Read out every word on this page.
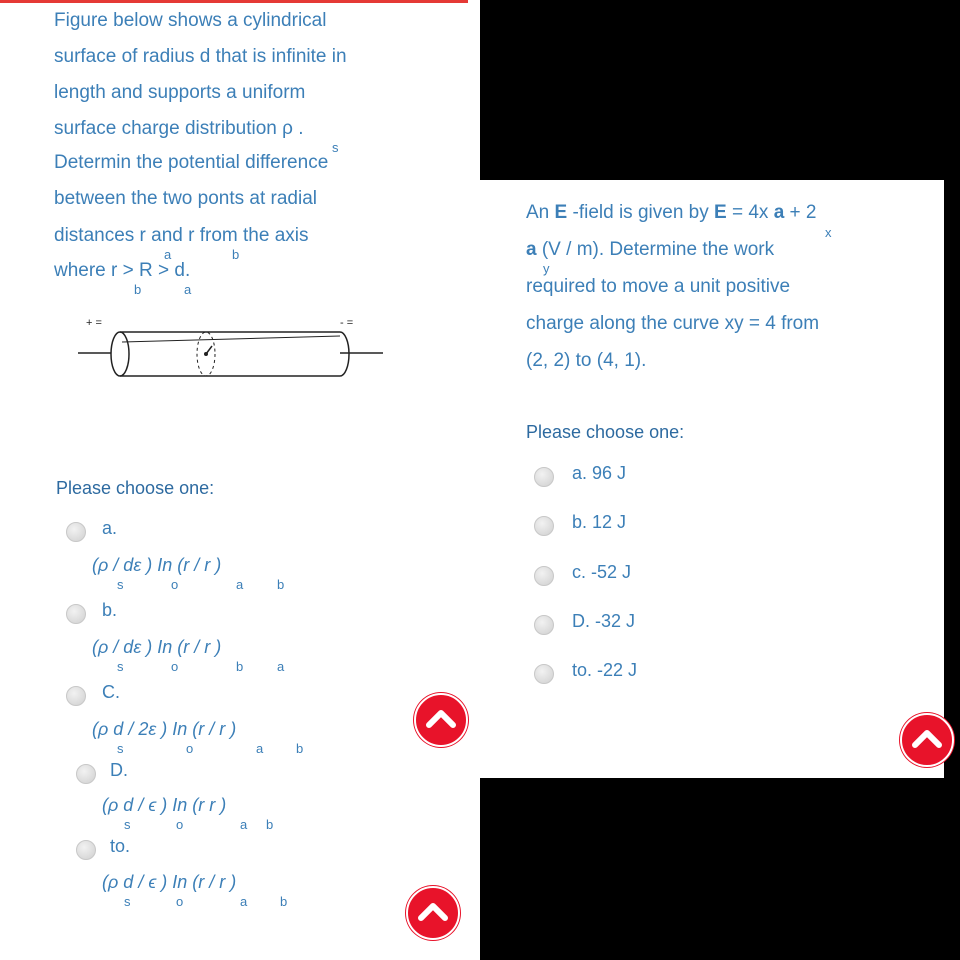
Figure below shows a cylindrical
surface of radius d that is infinite in
length and supports a uniform
surface charge distribution ρ .
s
Determin the potential difference
between the two ponts at radial
distances r and r from the axis
a	b
where r > R > d.
b	a
+ =	- =
Please choose one:
a.
(ρ / dε ) In (r / r )
s	o	a	b
b.
(ρ / dε ) In (r / r )
s	o	b	a
C.
(ρ d / 2ε ) In (r / r )
s	o	a	b
D.
(ρ d / ϵ ) In (r r )
s	o	a b
to.
(ρ d / ϵ ) In (r / r )
s	o	a	b
An E -field is given by E = 4x a + 2
x
a (V / m). Determine the work
y
required to move a unit positive
charge along the curve xy = 4 from
(2, 2) to (4, 1).
Please choose one:
a. 96 J
b. 12 J
c. -52 J
D. -32 J
to. -22 J
